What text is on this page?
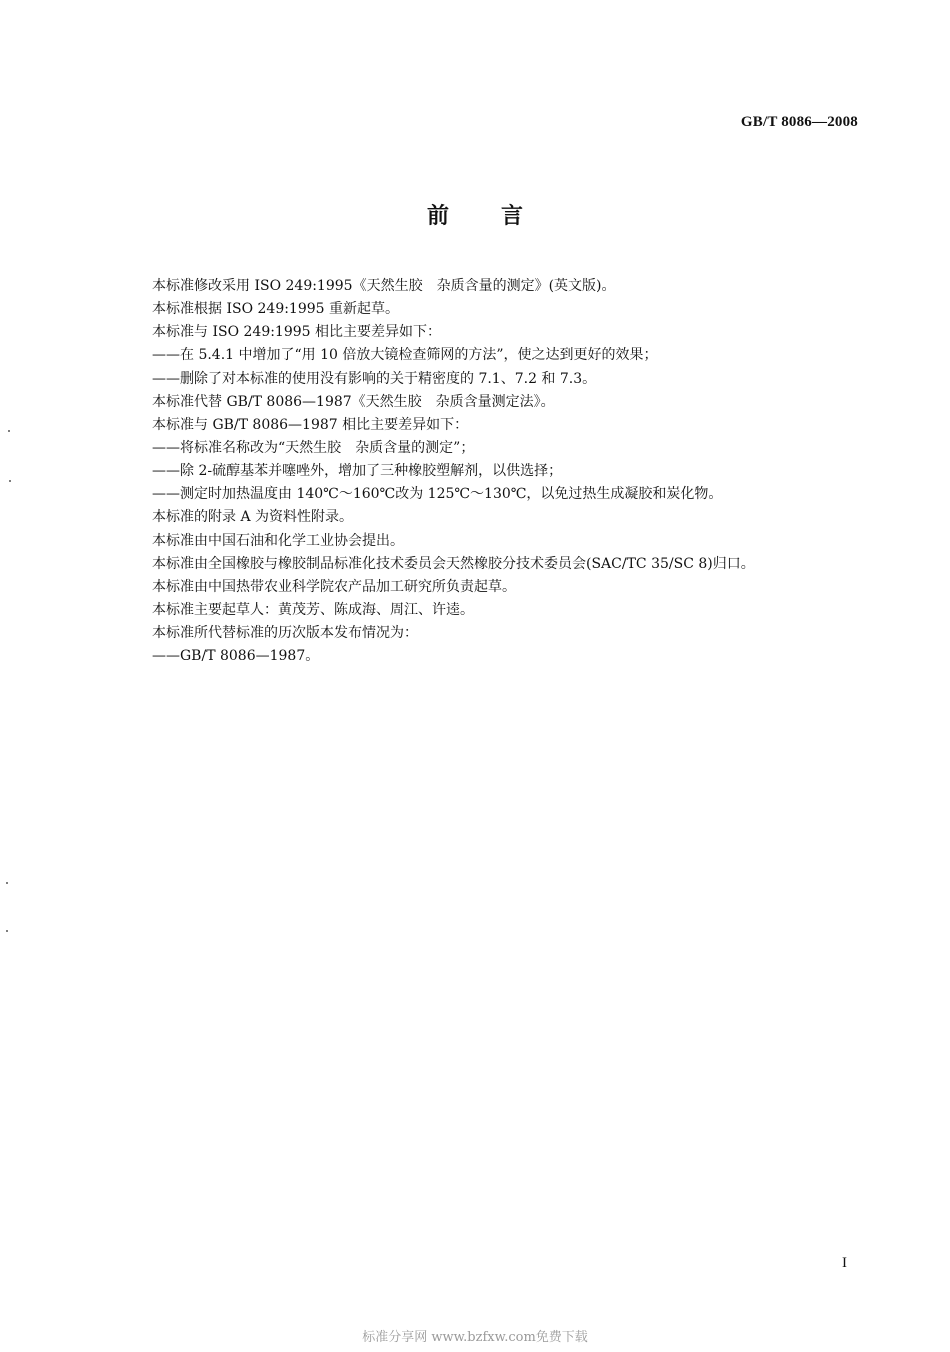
GB/T 8086—2008
前言
本标准修改采用 ISO 249:1995《天然生胶　杂质含量的测定》(英文版)。
本标准根据 ISO 249:1995 重新起草。
本标准与 ISO 249:1995 相比主要差异如下：
——在 5.4.1 中增加了“用 10 倍放大镜检查筛网的方法”，使之达到更好的效果；
——删除了对本标准的使用没有影响的关于精密度的 7.1、7.2 和 7.3。
本标准代替 GB/T 8086—1987《天然生胶　杂质含量测定法》。
本标准与 GB/T 8086—1987 相比主要差异如下：
——将标准名称改为“天然生胶　杂质含量的测定”；
——除 2-硫醇基苯并噻唑外，增加了三种橡胶塑解剂，以供选择；
——测定时加热温度由 140℃～160℃改为 125℃～130℃，以免过热生成凝胶和炭化物。
本标准的附录 A 为资料性附录。
本标准由中国石油和化学工业协会提出。
本标准由全国橡胶与橡胶制品标准化技术委员会天然橡胶分技术委员会(SAC/TC 35/SC 8)归口。
本标准由中国热带农业科学院农产品加工研究所负责起草。
本标准主要起草人：黄茂芳、陈成海、周江、许逵。
本标准所代替标准的历次版本发布情况为：
——GB/T 8086—1987。
I
标准分享网 www.bzfxw.com免费下载
